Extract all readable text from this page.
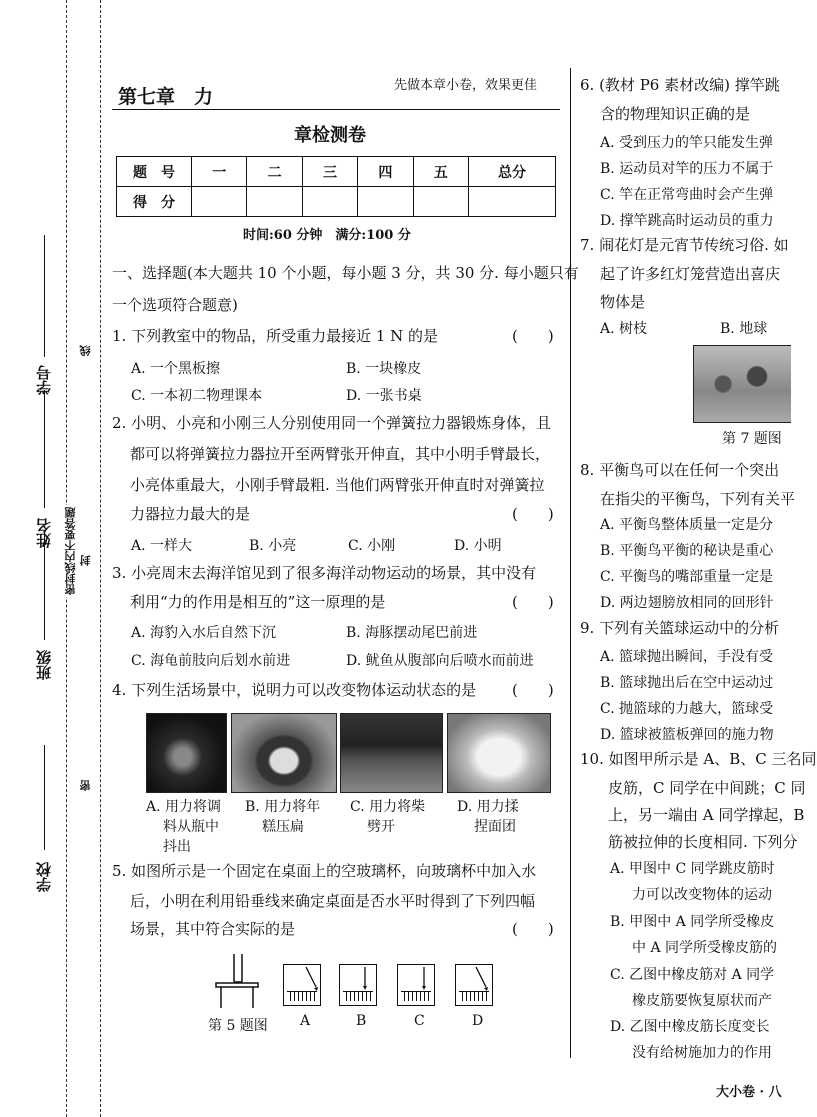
学校
班级
姓名
学号
密
封
线
密封线内不要答题
第七章　力
先做本章小卷，效果更佳
章检测卷
题　号	一	二	三	四	五	总分
得　分						
时间:60 分钟　满分:100 分
一、选择题(本大题共 10 个小题，每小题 3 分，共 30 分. 每小题只有
一个选项符合题意)
1. 下列教室中的物品，所受重力最接近 1 N 的是	(　　)
A. 一个黑板擦	B. 一块橡皮
C. 一本初二物理课本	D. 一张书桌
2. 小明、小亮和小刚三人分别使用同一个弹簧拉力器锻炼身体，且
都可以将弹簧拉力器拉开至两臂张开伸直，其中小明手臂最长，
小亮体重最大，小刚手臂最粗. 当他们两臂张开伸直时对弹簧拉
力器拉力最大的是	(　　)
A. 一样大	B. 小亮	C. 小刚	D. 小明
3. 小亮周末去海洋馆见到了很多海洋动物运动的场景，其中没有
利用“力的作用是相互的”这一原理的是	(　　)
A. 海豹入水后自然下沉	B. 海豚摆动尾巴前进
C. 海龟前肢向后划水前进	D. 鱿鱼从腹部向后喷水而前进
4. 下列生活场景中，说明力可以改变物体运动状态的是 (　　)
A. 用力将调
料从瓶中
抖出
B. 用力将年
糕压扁
C. 用力将柴
劈开
D. 用力揉
捏面团
5. 如图所示是一个固定在桌面上的空玻璃杯，向玻璃杯中加入水
后，小明在利用铅垂线来确定桌面是否水平时得到了下列四幅
场景，其中符合实际的是	(　　)
第 5 题图 A	B	C	D
6. (教材 P6 素材改编) 撑竿跳
含的物理知识正确的是
A. 受到压力的竿只能发生弹
B. 运动员对竿的压力不属于
C. 竿在正常弯曲时会产生弹
D. 撑竿跳高时运动员的重力
7. 闹花灯是元宵节传统习俗. 如
起了许多红灯笼营造出喜庆
物体是
A. 树枝	B. 地球
第 7 题图
8. 平衡鸟可以在任何一个突出
在指尖的平衡鸟，下列有关平
A. 平衡鸟整体质量一定是分
B. 平衡鸟平衡的秘诀是重心
C. 平衡鸟的嘴部重量一定是
D. 两边翅膀放相同的回形针
9. 下列有关篮球运动中的分析
A. 篮球抛出瞬间，手没有受
B. 篮球抛出后在空中运动过
C. 抛篮球的力越大，篮球受
D. 篮球被篮板弹回的施力物
10. 如图甲所示是 A、B、C 三名同
皮筋，C 同学在中间跳；C 同
上，另一端由 A 同学撑起，B
筋被拉伸的长度相同. 下列分
A. 甲图中 C 同学跳皮筋时
力可以改变物体的运动
B. 甲图中 A 同学所受橡皮
中 A 同学所受橡皮筋的
C. 乙图中橡皮筋对 A 同学
橡皮筋要恢复原状而产
D. 乙图中橡皮筋长度变长
没有给树施加力的作用
大小卷 · 八
